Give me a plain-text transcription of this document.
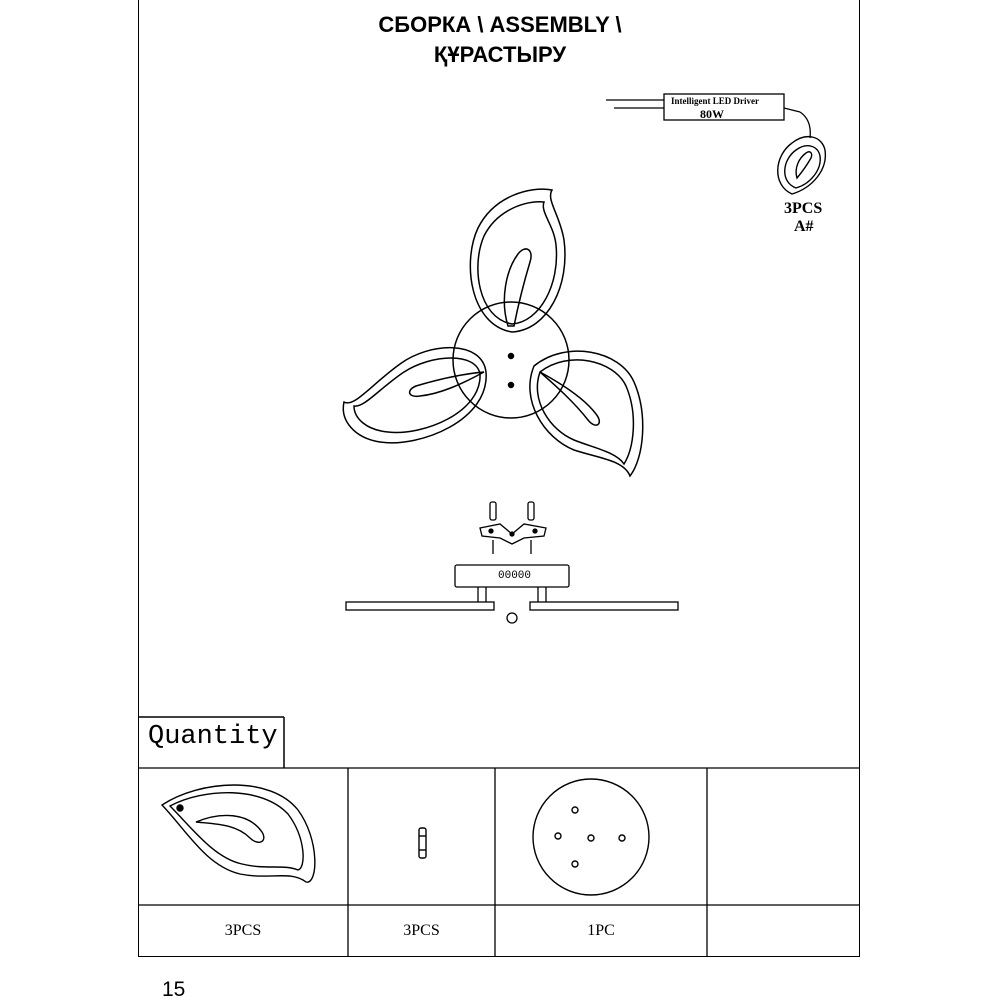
СБОРКА \ ASSEMBLY \
ҚҰРАСТЫРУ
Intelligent LED Driver
80W
3PCS
A#
00000
Quantity
3PCS	3PCS	1PC
15
